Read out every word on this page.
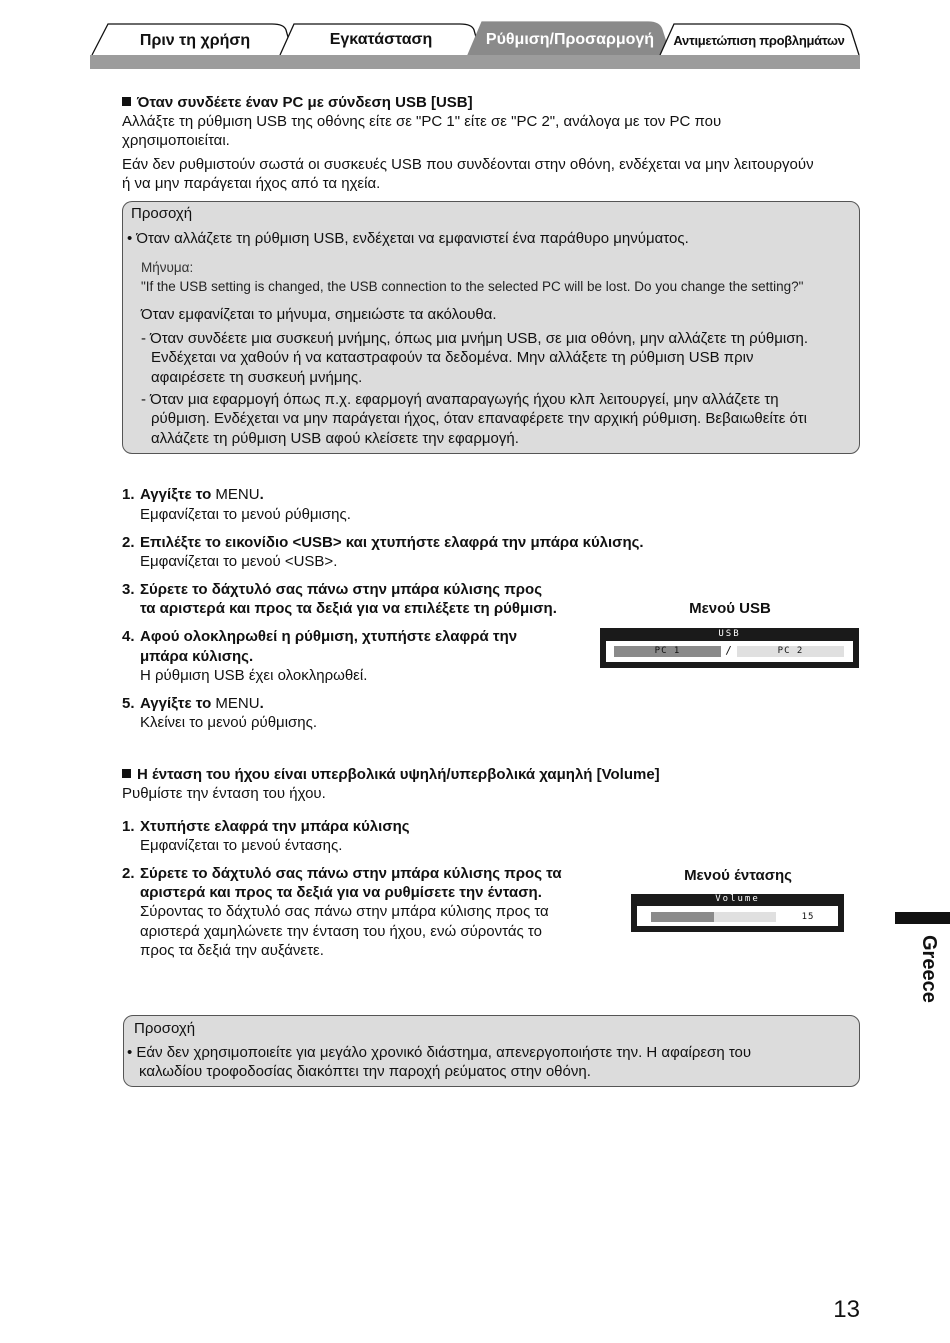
Πριν τη χρήση	Εγκατάσταση	Ρύθμιση/Προσαρμογή	Αντιμετώπιση προβλημάτων
Όταν συνδέετε έναν PC με σύνδεση USB [USB]
Αλλάξτε τη ρύθμιση USB της οθόνης είτε σε "PC 1" είτε σε "PC 2", ανάλογα με τον PC που
χρησιμοποιείται.
Εάν δεν ρυθμιστούν σωστά οι συσκευές USB που συνδέονται στην οθόνη, ενδέχεται να μην λειτουργούν
ή να μην παράγεται ήχος από τα ηχεία.
Προσοχή
• Όταν αλλάζετε τη ρύθμιση USB, ενδέχεται να εμφανιστεί ένα παράθυρο μηνύματος.
Μήνυμα:
"If the USB setting is changed, the USB connection to the selected PC will be lost. Do you change the setting?"
Όταν εμφανίζεται το μήνυμα, σημειώστε τα ακόλουθα.
- Όταν συνδέετε μια συσκευή μνήμης, όπως μια μνήμη USB, σε μια οθόνη, μην αλλάζετε τη ρύθμιση.
Ενδέχεται να χαθούν ή να καταστραφούν τα δεδομένα. Μην αλλάξετε τη ρύθμιση USB πριν
αφαιρέσετε τη συσκευή μνήμης.
- Όταν μια εφαρμογή όπως π.χ. εφαρμογή αναπαραγωγής ήχου κλπ λειτουργεί, μην αλλάζετε τη
ρύθμιση. Ενδέχεται να μην παράγεται ήχος, όταν επαναφέρετε την αρχική ρύθμιση. Βεβαιωθείτε ότι
αλλάζετε τη ρύθμιση USB αφού κλείσετε την εφαρμογή.
1. Αγγίξτε το MENU.
Εμφανίζεται το μενού ρύθμισης.
2. Επιλέξτε το εικονίδιο <USB> και χτυπήστε ελαφρά την μπάρα κύλισης.
Εμφανίζεται το μενού <USB>.
3. Σύρετε το δάχτυλό σας πάνω στην μπάρα κύλισης προς
τα αριστερά και προς τα δεξιά για να επιλέξετε τη ρύθμιση.
4. Αφού ολοκληρωθεί η ρύθμιση, χτυπήστε ελαφρά την
μπάρα κύλισης.
Η ρύθμιση USB έχει ολοκληρωθεί.
5. Αγγίξτε το MENU.
Κλείνει το μενού ρύθμισης.
Μενού USB
USB
PC 1	/	PC 2
Η ένταση του ήχου είναι υπερβολικά υψηλή/υπερβολικά χαμηλή [Volume]
Ρυθμίστε την ένταση του ήχου.
1. Χτυπήστε ελαφρά την μπάρα κύλισης
Εμφανίζεται το μενού έντασης.
2. Σύρετε το δάχτυλό σας πάνω στην μπάρα κύλισης προς τα
αριστερά και προς τα δεξιά για να ρυθμίσετε την ένταση.
Σύροντας το δάχτυλό σας πάνω στην μπάρα κύλισης προς τα
αριστερά χαμηλώνετε την ένταση του ήχου, ενώ σύροντάς το
προς τα δεξιά την αυξάνετε.
Μενού έντασης
Volume
15
Προσοχή
• Εάν δεν χρησιμοποιείτε για μεγάλο χρονικό διάστημα, απενεργοποιήστε την. Η αφαίρεση του
καλωδίου τροφοδοσίας διακόπτει την παροχή ρεύματος στην οθόνη.
Greece
13
